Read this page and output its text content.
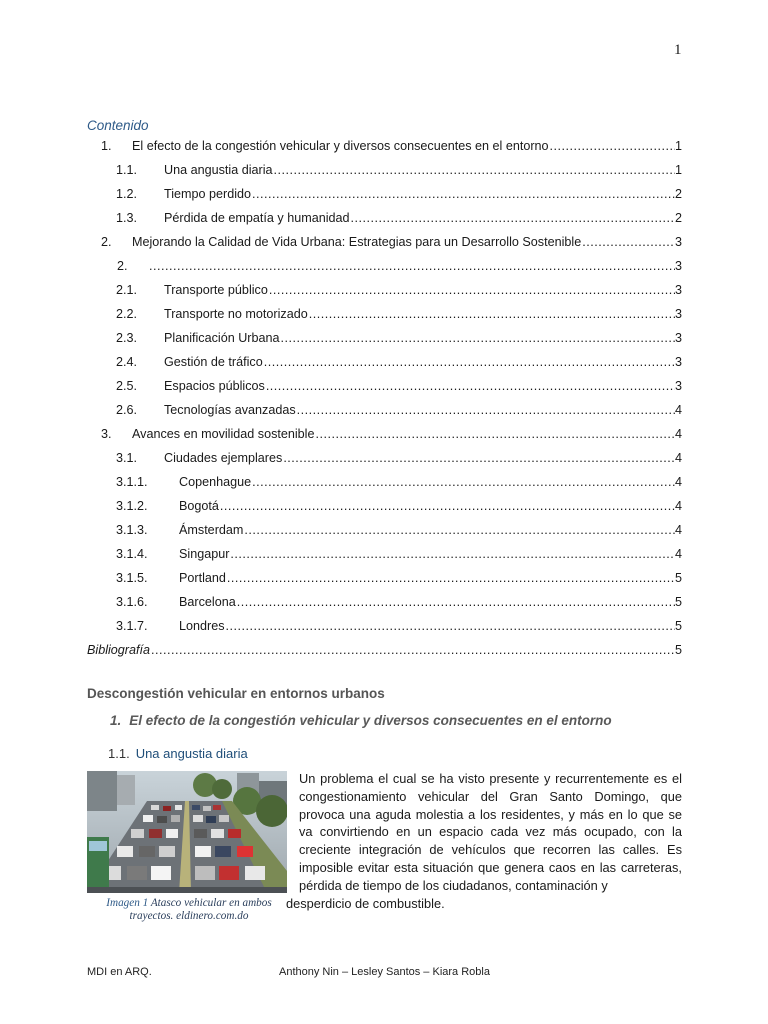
1
Contenido
1. El efecto de la congestión vehicular y diversos consecuentes en el entorno .....	1
1.1. Una angustia diaria .....	1
1.2. Tiempo perdido .....	2
1.3. Pérdida de empatía y humanidad .....	2
2. Mejorando la Calidad de Vida Urbana: Estrategias para un Desarrollo Sostenible .....	3
2. .....	3
2.1. Transporte público .....	3
2.2. Transporte no motorizado .....	3
2.3. Planificación Urbana .....	3
2.4. Gestión de tráfico .....	3
2.5. Espacios públicos .....	3
2.6. Tecnologías avanzadas .....	4
3. Avances en movilidad sostenible .....	4
3.1. Ciudades ejemplares .....	4
3.1.1. Copenhague .....	4
3.1.2. Bogotá .....	4
3.1.3. Ámsterdam .....	4
3.1.4. Singapur .....	4
3.1.5. Portland .....	5
3.1.6. Barcelona .....	5
3.1.7. Londres .....	5
Bibliografía .....	5
Descongestión vehicular en entornos urbanos
1. El efecto de la congestión vehicular y diversos consecuentes en el entorno
1.1. Una angustia diaria
Imagen 1 Atasco vehicular en ambos trayectos. eldinero.com.do
Un problema el cual se ha visto presente y recurrentemente es el congestionamiento vehicular del Gran Santo Domingo, que provoca una aguda molestia a los residentes, y más en lo que se va convirtiendo en un espacio cada vez más ocupado, con la creciente integración de vehículos que recorren las calles. Es imposible evitar esta situación que genera caos en las carreteras, pérdida de tiempo de los ciudadanos, contaminación y
desperdicio de combustible.
MDI en ARQ.	Anthony Nin – Lesley Santos – Kiara Robla
